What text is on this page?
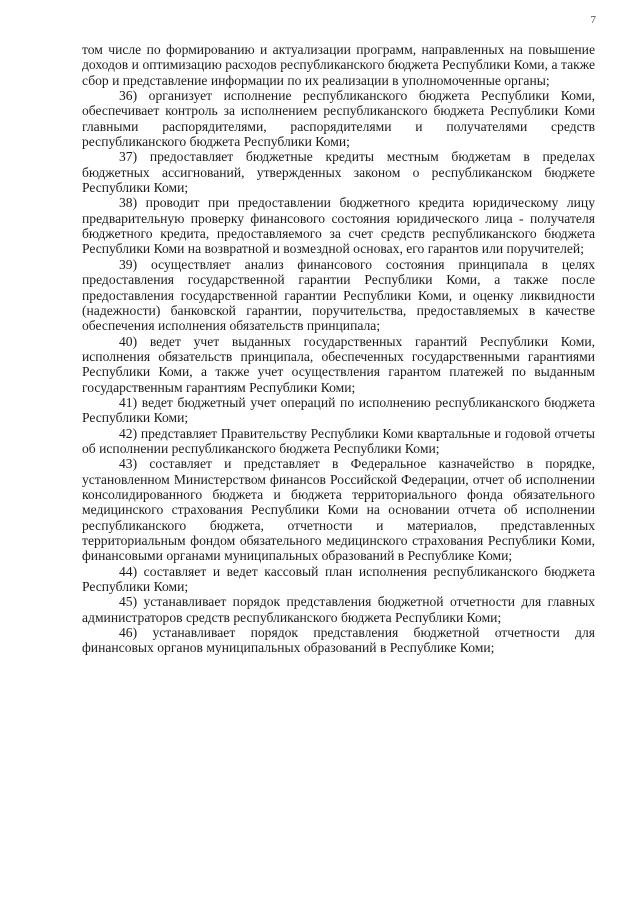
7

том числе по формированию и актуализации программ, направленных на повышение доходов и оптимизацию расходов республиканского бюджета Республики Коми, а также сбор и представление информации по их реализации в уполномоченные органы;

36) организует исполнение республиканского бюджета Республики Коми, обеспечивает контроль за исполнением республиканского бюджета Республики Коми главными распорядителями, распорядителями и получателями средств республиканского бюджета Республики Коми;

37) предоставляет бюджетные кредиты местным бюджетам в пределах бюджетных ассигнований, утвержденных законом о республиканском бюджете Республики Коми;

38) проводит при предоставлении бюджетного кредита юридическому лицу предварительную проверку финансового состояния юридического лица - получателя бюджетного кредита, предоставляемого за счет средств республиканского бюджета Республики Коми на возвратной и возмездной основах, его гарантов или поручителей;

39) осуществляет анализ финансового состояния принципала в целях предоставления государственной гарантии Республики Коми, а также после предоставления государственной гарантии Республики Коми, и оценку ликвидности (надежности) банковской гарантии, поручительства, предоставляемых в качестве обеспечения исполнения обязательств принципала;

40) ведет учет выданных государственных гарантий Республики Коми, исполнения обязательств принципала, обеспеченных государственными гарантиями Республики Коми, а также учет осуществления гарантом платежей по выданным государственным гарантиям Республики Коми;

41) ведет бюджетный учет операций по исполнению республиканского бюджета Республики Коми;

42) представляет Правительству Республики Коми квартальные и годовой отчеты об исполнении республиканского бюджета Республики Коми;

43) составляет и представляет в Федеральное казначейство в порядке, установленном Министерством финансов Российской Федерации, отчет об исполнении консолидированного бюджета и бюджета территориального фонда обязательного медицинского страхования Республики Коми на основании отчета об исполнении республиканского бюджета, отчетности и материалов, представленных территориальным фондом обязательного медицинского страхования Республики Коми, финансовыми органами муниципальных образований в Республике Коми;

44) составляет и ведет кассовый план исполнения республиканского бюджета Республики Коми;

45) устанавливает порядок представления бюджетной отчетности для главных администраторов средств республиканского бюджета Республики Коми;

46) устанавливает порядок представления бюджетной отчетности для финансовых органов муниципальных образований в Республике Коми;
